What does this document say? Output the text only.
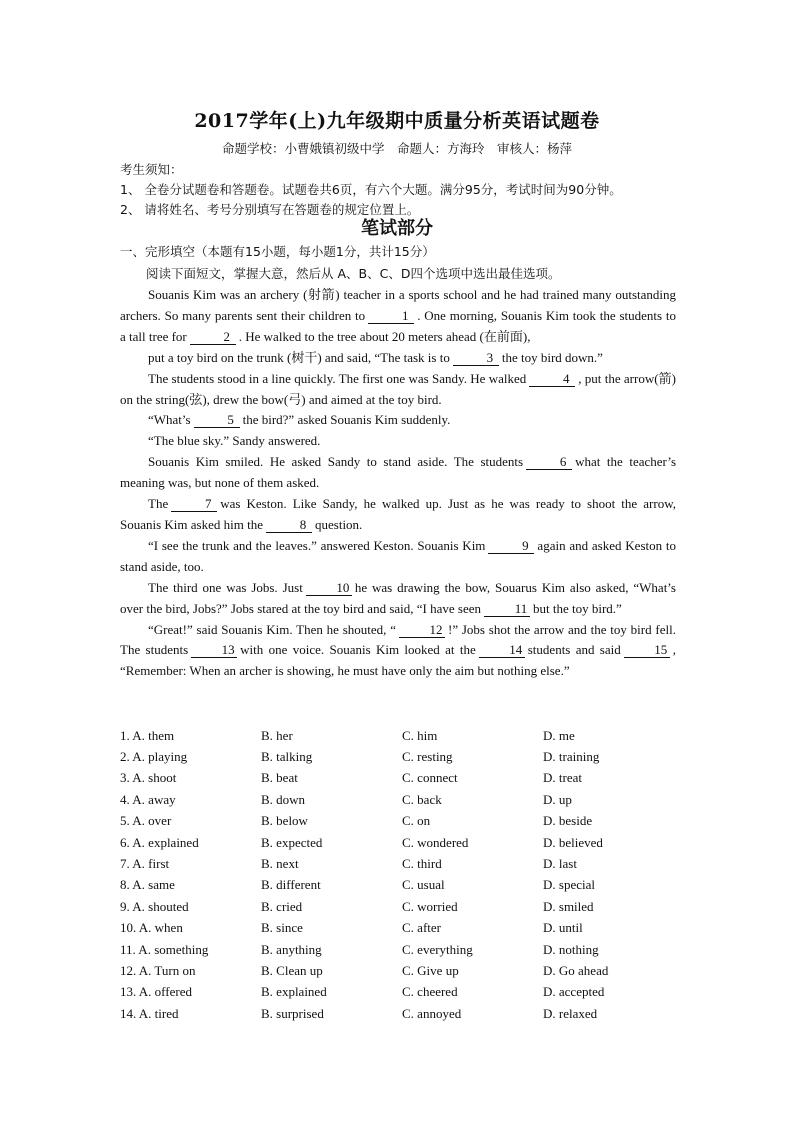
2017学年(上)九年级期中质量分析英语试题卷
命题学校：小曹娥镇初级中学　命题人：方海玲　审核人：杨萍
考生须知：
1、 全卷分试题卷和答题卷。试题卷共6页，有六个大题。满分95分，考试时间为90分钟。
2、 请将姓名、考号分别填写在答题卷的规定位置上。
笔试部分
一、完形填空（本题有15小题，每小题1分，共计15分）
阅读下面短文，掌握大意，然后从 A、B、C、D四个选项中选出最佳选项。

Souanis Kim was an archery (射箭) teacher in a sports school and he had trained many outstanding archers. So many parents sent their children to	1 . One morning, Souanis Kim took the students to a tall tree for	2 . He walked to the tree about 20 meters ahead (在前面),

put a toy bird on the trunk (树干) and said, “The task is to	3 the toy bird down.”

The students stood in a line quickly. The first one was Sandy. He walked	4 , put the arrow(箭) on the string(弦), drew the bow(弓) and aimed at the toy bird.

“What’s	5 the bird?” asked Souanis Kim suddenly.

“The blue sky.” Sandy answered.

Souanis Kim smiled. He asked Sandy to stand aside. The students	6 what the teacher’s meaning was, but none of them asked.

The	7 was Keston. Like Sandy, he walked up. Just as he was ready to shoot the arrow, Souanis Kim asked him the	8 question.

“I see the trunk and the leaves.” answered Keston. Souanis Kim	9 again and asked Keston to stand aside, too.

The third one was Jobs. Just	10 he was drawing the bow, Souarus Kim also asked, “What’s over the bird, Jobs?” Jobs stared at the toy bird and said, “I have seen	11 but the toy bird.”

“Great!” said Souanis Kim. Then he shouted, “	12 !” Jobs shot the arrow and the toy bird fell. The students	13 with one voice. Souanis Kim looked at the	14 students and said	15 , “Remember: When an archer is showing, he must have only the aim but nothing else.”

1. A. them	B. her	C. him	D. me
2. A. playing	B. talking	C. resting	D. training
3. A. shoot	B. beat	C. connect	D. treat
4. A. away	B. down	C. back	D. up
5. A. over	B. below	C. on	D. beside
6. A. explained	B. expected	C. wondered	D. believed
7. A. first	B. next	C. third	D. last
8. A. same	B. different	C. usual	D. special
9. A. shouted	B. cried	C. worried	D. smiled
10. A. when	B. since	C. after	D. until
11. A. something	B. anything	C. everything	D. nothing
12. A. Turn on	B. Clean up	C. Give up	D. Go ahead
13. A. offered	B. explained	C. cheered	D. accepted
14. A. tired	B. surprised	C. annoyed	D. relaxed
